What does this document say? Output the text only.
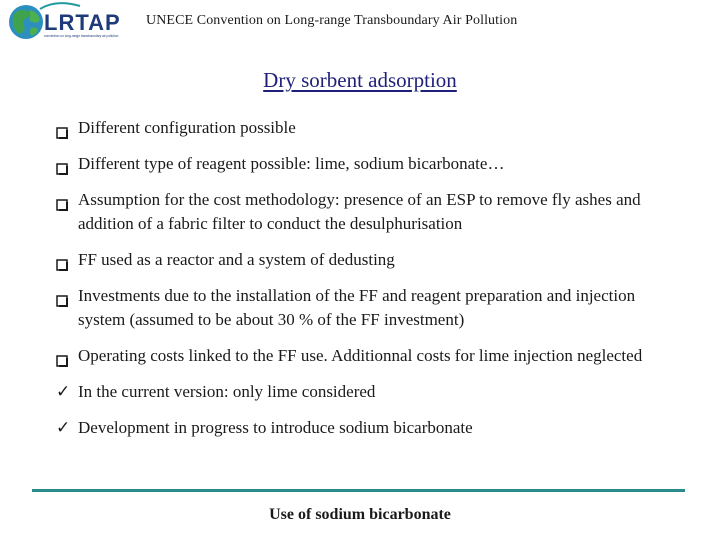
LRTAP
convention on long-range transboundary air pollution
UNECE Convention on Long-range Transboundary Air Pollution
Dry sorbent adsorption
Different configuration possible
Different type of reagent possible: lime, sodium bicarbonate…
Assumption for the cost methodology: presence of an ESP to remove fly ashes and addition of a fabric filter to conduct the desulphurisation
FF used as a reactor and a system of dedusting
Investments due to the installation of the FF and reagent preparation and injection system (assumed to be about 30 % of the FF investment)
Operating costs linked to the FF use. Additionnal costs for lime injection neglected
✓ In the current version: only lime considered
✓ Development in progress to introduce sodium bicarbonate
Use of sodium bicarbonate
